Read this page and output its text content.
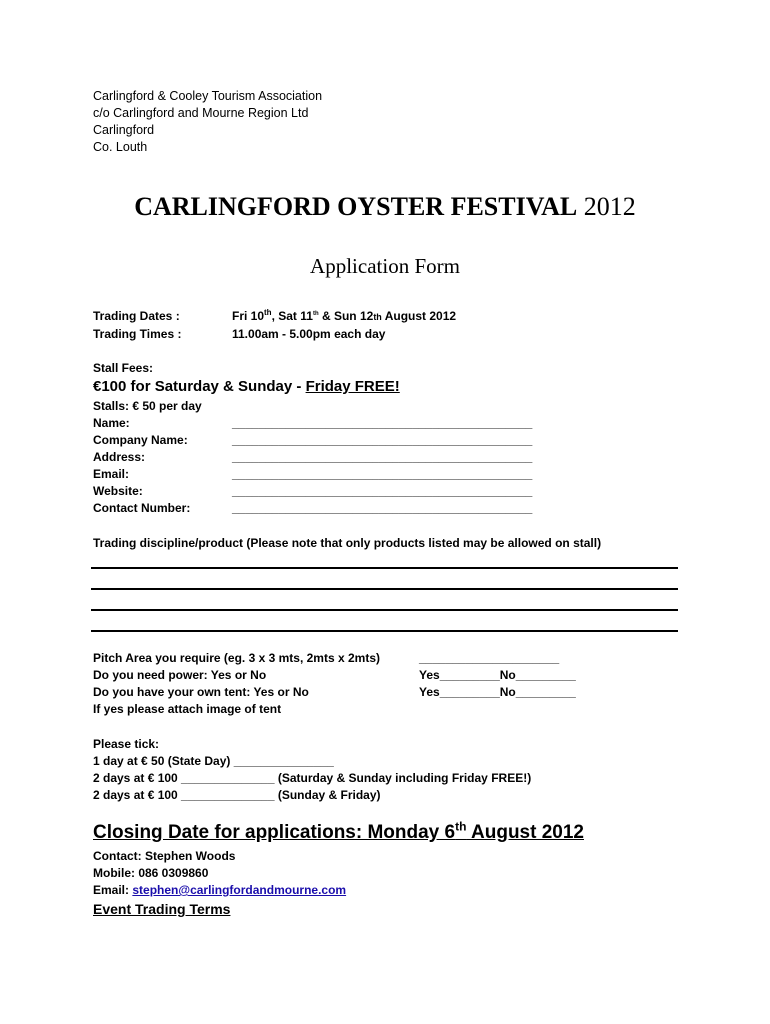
Carlingford & Cooley Tourism Association
c/o Carlingford and Mourne Region Ltd
Carlingford
Co. Louth
CARLINGFORD OYSTER FESTIVAL 2012
Application Form
Trading Dates :	Fri 10th, Sat 11th & Sun 12th August 2012
Trading Times :	11.00am - 5.00pm each day
Stall Fees:
€100 for Saturday & Sunday - Friday FREE!
Stalls: € 50 per day
Name:	_____________________________________________
Company Name:	_____________________________________________
Address:	_____________________________________________
Email:	_____________________________________________
Website:	_____________________________________________
Contact Number:	_____________________________________________
Trading discipline/product (Please note that only products listed may be allowed on stall)
Pitch Area you require (eg. 3 x 3 mts, 2mts x 2mts)	_____________________
Do you need power: Yes or No	Yes_________No_________
Do you have your own tent: Yes or No	Yes_________No_________
If yes please attach image of tent
Please tick:
1 day at € 50 (State Day) _______________
2 days at € 100 ______________ (Saturday & Sunday including Friday FREE!)
2 days at € 100 ______________ (Sunday & Friday)
Closing Date for applications: Monday 6th August 2012
Contact: Stephen Woods
Mobile: 086 0309860
Email: stephen@carlingfordandmourne.com
Event Trading Terms
